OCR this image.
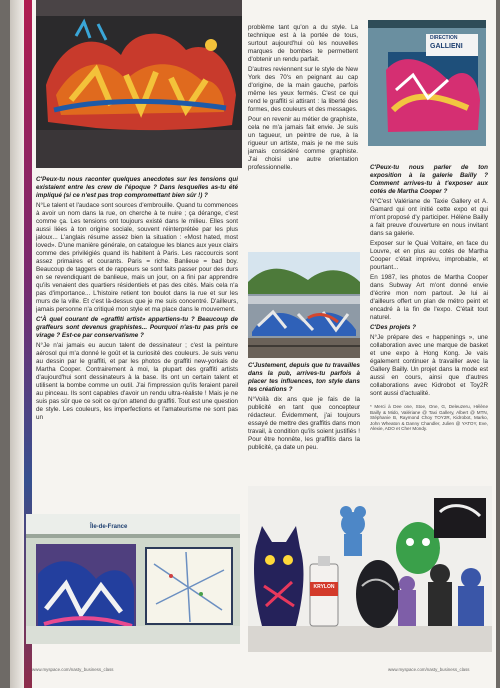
problème tant qu'on a du style. La technique est à la portée de tous, surtout aujourd'hui où les nouvelles marques de bombes te permettent d'obtenir un rendu parfait.

D'autres reviennent sur le style de New York des 70's en peignant au cap d'origine, de la main gauche, parfois même les yeux fermés. C'est ce qui rend le graffiti si attirant : la liberté des formes, des couleurs et des messages.

Pour en revenir au métier de graphiste, cela ne m'a jamais fait envie. Je suis un tagueur, un peintre de rue, à la rigueur un artiste, mais je ne me suis jamais considéré comme graphiste. J'ai choisi une autre orientation professionnelle.

DIRECTION
GALLIENI

C'Peux-tu nous parler de ton exposition à la galerie Bailly ? Comment arrives-tu à t'exposer aux cotés de Martha Cooper ?

N°C'est Valériane de Taxie Gallery et A. Gamard qui ont initié cette expo et qui m'ont proposé d'y participer. Hélène Bailly a fait preuve d'ouverture en nous invitant dans sa galerie.

Exposer sur le Quai Voltaire, en face du Louvre, et en plus au cotés de Martha Cooper c'était imprévu, improbable, et pourtant...

En 1987, les photos de Martha Cooper dans Subway Art m'ont donné envie d'écrire mon nom partout. Je lui ai d'ailleurs offert un plan de métro peint et encadré à la fin de l'expo. C'était tout naturel.

C'Des projets ?

N°Je prépare des « happenings », une collaboration avec une marque de basket et une expo à Hong Kong. Je vais également continuer à travailler avec la Gallery Bailly. Un projet dans la mode est aussi en cours, ainsi que d'autres collaborations avec Kidrobot et Toy2R sont aussi d'actualité.

* Merci à Dee one, Stoe, One, G, Deleuzeru, Hélène Bailly & Mido, Valériane @ Taxi Gallery, Albert @ MTN, Stéphanie B, Raymond Choy TOY2R, Kidrobot, Marko, John Wheaton & Danny Chandler, Julien @ YATOY, Eve, Alexie, ADO et Cher Mondy.

C'Peux-tu nous raconter quelques anecdotes sur les tensions qui existaient entre les crew de l'époque ? Dans lesquelles as-tu été impliqué (si ce n'est pas trop compromettant bien sûr !) ?

N°Le talent et l'audace sont sources d'embrouille. Quand tu commences à avoir un nom dans la rue, on cherche à te nuire ; ça dérange, c'est comme ça. Les tensions ont toujours existé dans le milieu. Elles sont aussi liées à ton origine sociale, souvent réinterprétée par les plus jaloux... L'anglais résume assez bien la situation : «Most hated, most loved». D'une manière générale, on catalogue les blancs aux yeux clairs comme des privilégiés quand ils habitent à Paris. Les raccourcis sont assez primaires et courants. Paris = riche. Banlieue = bad boy. Beaucoup de taggers et de rappeurs se sont faits passer pour des durs en se revendiquant de banlieue, mais un jour, on a fini par apprendre qu'ils venaient des quartiers résidentiels et pas des cités. Mais cela n'a pas d'importance... L'histoire retient ton boulot dans la rue et sur les murs de la ville. Et c'est là-dessus que je me suis concentré. D'ailleurs, jamais personne n'a critiqué mon style et ma place dans le mouvement.

C'À quel courant de «graffiti artist» appartiens-tu ? Beaucoup de graffeurs sont devenus graphistes... Pourquoi n'as-tu pas pris ce virage ? Est-ce par conservatisme ?

N°Je n'ai jamais eu aucun talent de dessinateur ; c'est la peinture aérosol qui m'a donné le goût et la curiosité des couleurs. Je suis venu au dessin par le graffiti, et par les photos de graffiti new-yorkais de Martha Cooper. Contrairement à moi, la plupart des graffiti artists d'aujourd'hui sont dessinateurs à la base. Ils ont un certain talent et utilisent la bombe comme un outil. J'ai l'impression qu'ils feraient pareil au pinceau. Ils sont capables d'avoir un rendu ultra-réaliste ! Mais je ne suis pas sûr que ce soit ce qu'on attend du graffiti. Tout est une question de style. Les couleurs, les imperfections et l'amateurisme ne sont pas un

C'Justement, depuis que tu travailles dans la pub, arrives-tu parfois à placer tes influences, ton style dans tes créations ?

N°Voilà dix ans que je fais de la publicité en tant que concepteur rédacteur. Évidemment, j'ai toujours essayé de mettre des graffitis dans mon travail, à condition qu'ils soient justifiés ! Pour être honnête, les graffitis dans la publicité, ça date un peu.

Île-de-France
KRYLON
www.myspace.com/nasty_business_class	www.myspace.com/nasty_business_class
